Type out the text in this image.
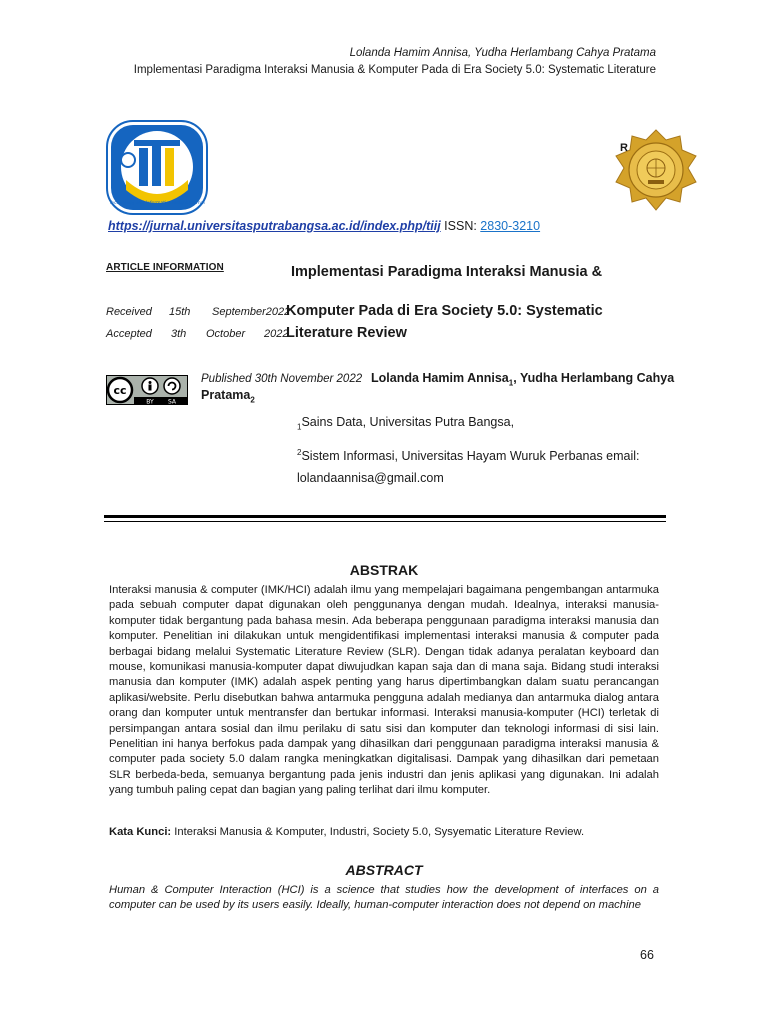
Lolanda Hamim Annisa, Yudha Herlambang Cahya Pratama
Implementasi Paradigma Interaksi Manusia & Komputer Pada di Era Society 5.0: Systematic Literature
Technology and Informatics Insight Journal
R
https://jurnal.universitasputrabangsa.ac.id/index.php/tiij ISSN: 2830-3210
ARTICLE INFORMATION	Implementasi Paradigma Interaksi Manusia &
Received 15th September2022
Komputer Pada di Era Society 5.0: Systematic
Accepted 3th October 2022
Literature Review
cc
BY SA
Published 30th November 2022 Lolanda Hamim Annisa$_1$, Yudha Herlambang Cahya
Pratama$_2$
$_1$Sains Data, Universitas Putra Bangsa,
$^2$Sistem Informasi, Universitas Hayam Wuruk Perbanas email:
lolandaannisa@gmail.com
ABSTRAK
Interaksi manusia & computer (IMK/HCI) adalah ilmu yang mempelajari bagaimana pengembangan antarmuka pada sebuah computer dapat digunakan oleh penggunanya dengan mudah. Idealnya, interaksi manusia-komputer tidak bergantung pada bahasa mesin. Ada beberapa penggunaan paradigma interaksi manusia dan komputer. Penelitian ini dilakukan untuk mengidentifikasi implementasi interaksi manusia & computer pada berbagai bidang melalui Systematic Literature Review (SLR). Dengan tidak adanya peralatan keyboard dan mouse, komunikasi manusia-komputer dapat diwujudkan kapan saja dan di mana saja. Bidang studi interaksi manusia dan komputer (IMK) adalah aspek penting yang harus dipertimbangkan dalam suatu perancangan aplikasi/website. Perlu disebutkan bahwa antarmuka pengguna adalah medianya dan antarmuka dialog antara orang dan komputer untuk mentransfer dan bertukar informasi. Interaksi manusia-komputer (HCI) terletak di persimpangan antara sosial dan ilmu perilaku di satu sisi dan komputer dan teknologi informasi di sisi lain. Penelitian ini hanya berfokus pada dampak yang dihasilkan dari penggunaan paradigma interaksi manusia & computer pada society 5.0 dalam rangka meningkatkan digitalisasi. Dampak yang dihasilkan dari pemetaan SLR berbeda-beda, semuanya bergantung pada jenis industri dan jenis aplikasi yang digunakan. Ini adalah yang tumbuh paling cepat dan bagian yang paling terlihat dari ilmu komputer.
Kata Kunci: Interaksi Manusia & Komputer, Industri, Society 5.0, Sysyematic Literature Review.
ABSTRACT
Human & Computer Interaction (HCI) is a science that studies how the development of interfaces on a computer can be used by its users easily. Ideally, human-computer interaction does not depend on machine
66
